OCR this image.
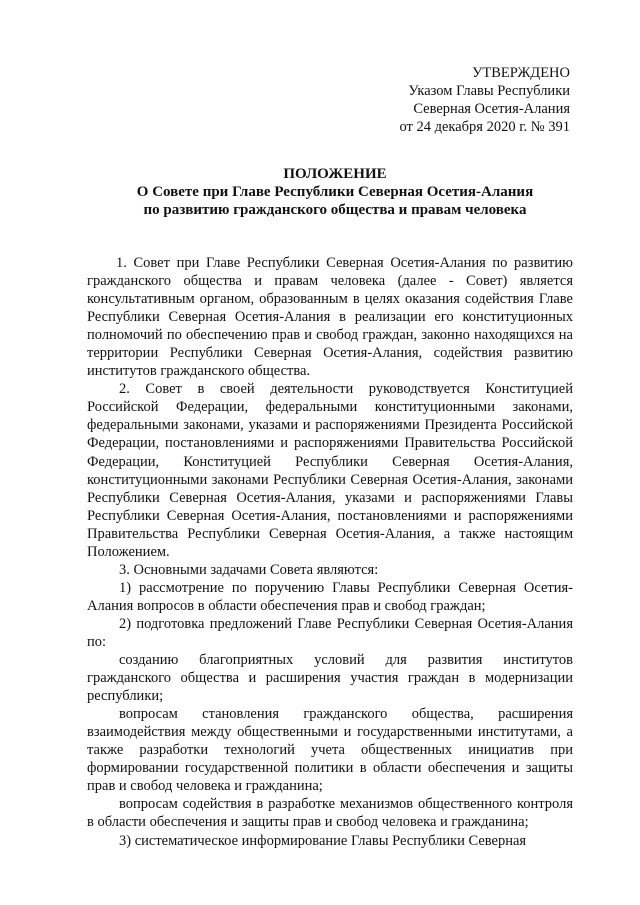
УТВЕРЖДЕНО
Указом Главы Республики
Северная Осетия-Алания
от 24 декабря 2020 г. № 391
ПОЛОЖЕНИЕ
О Совете при Главе Республики Северная Осетия-Алания
по развитию гражданского общества и правам человека

1. Совет при Главе Республики Северная Осетия-Алания по развитию гражданского общества и правам человека (далее - Совет) является консультативным органом, образованным в целях оказания содействия Главе Республики Северная Осетия-Алания в реализации его конституционных полномочий по обеспечению прав и свобод граждан, законно находящихся на территории Республики Северная Осетия-Алания, содействия развитию институтов гражданского общества.

2. Совет в своей деятельности руководствуется Конституцией Российской Федерации, федеральными конституционными законами, федеральными законами, указами и распоряжениями Президента Российской Федерации, постановлениями и распоряжениями Правительства Российской Федерации, Конституцией Республики Северная Осетия-Алания, конституционными законами Республики Северная Осетия-Алания, законами Республики Северная Осетия-Алания, указами и распоряжениями Главы Республики Северная Осетия-Алания, постановлениями и распоряжениями Правительства Республики Северная Осетия-Алания, а также настоящим Положением.

3. Основными задачами Совета являются:

1) рассмотрение по поручению Главы Республики Северная Осетия-Алания вопросов в области обеспечения прав и свобод граждан;

2) подготовка предложений Главе Республики Северная Осетия-Алания по:

созданию благоприятных условий для развития институтов гражданского общества и расширения участия граждан в модернизации республики;

вопросам становления гражданского общества, расширения взаимодействия между общественными и государственными институтами, а также разработки технологий учета общественных инициатив при формировании государственной политики в области обеспечения и защиты прав и свобод человека и гражданина;

вопросам содействия в разработке механизмов общественного контроля в области обеспечения и защиты прав и свобод человека и гражданина;

3) систематическое информирование Главы Республики Северная
